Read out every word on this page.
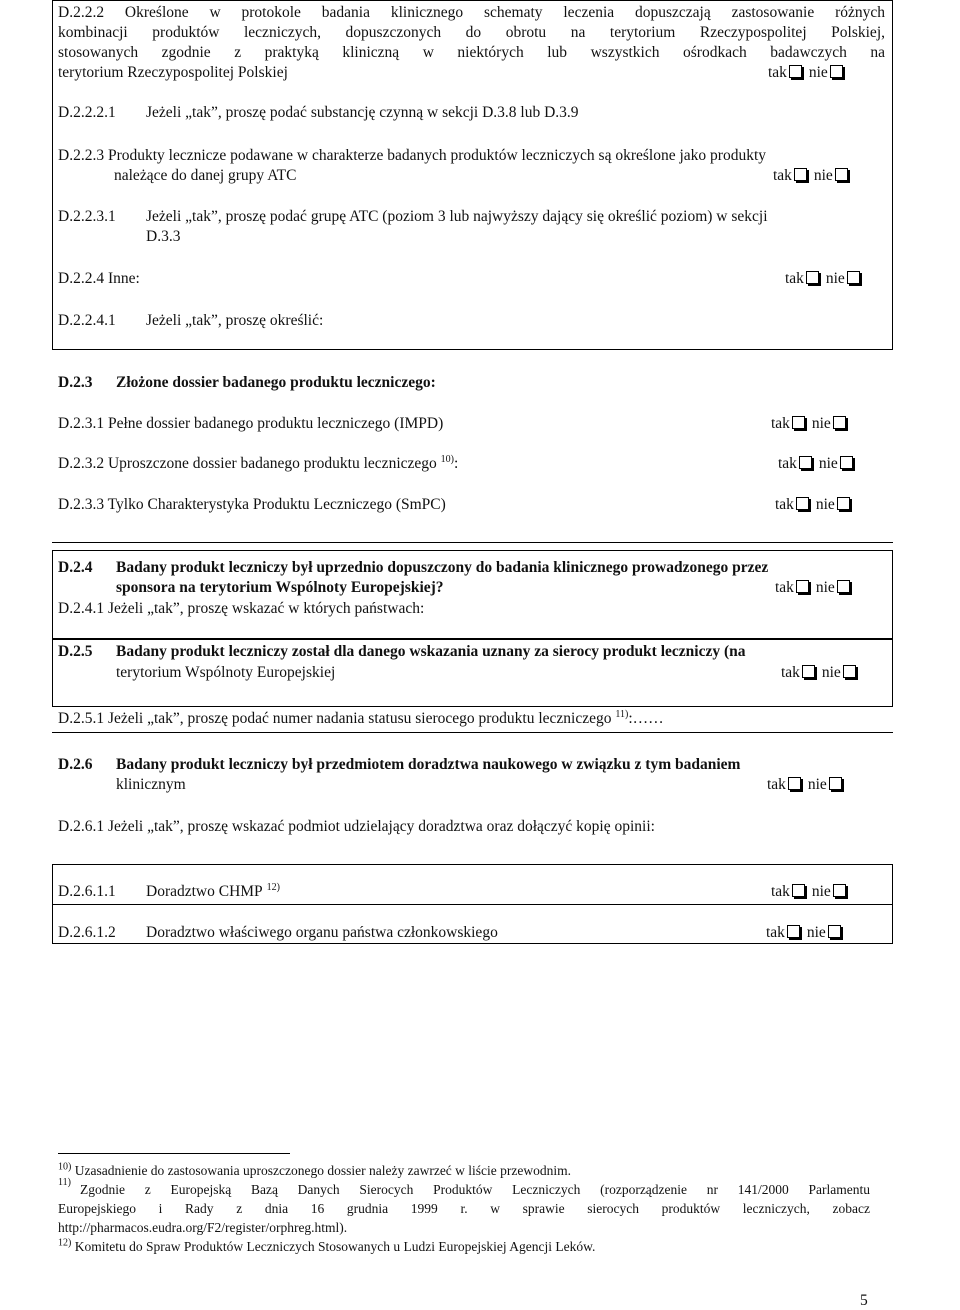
D.2.2.2 Określone w protokole badania klinicznego schematy leczenia dopuszczają zastosowanie różnych
kombinacji produktów leczniczych, dopuszczonych do obrotu na terytorium Rzeczypospolitej Polskiej,
stosowanych zgodnie z praktyką kliniczną w niektórych lub wszystkich ośrodkach badawczych na
terytorium Rzeczypospolitej Polskiej	tak nie
D.2.2.2.1 Jeżeli „tak”, proszę podać substancję czynną w sekcji D.3.8 lub D.3.9
D.2.2.3 Produkty lecznicze podawane w charakterze badanych produktów leczniczych są określone jako produkty
należące do danej grupy ATC	tak nie
D.2.2.3.1 Jeżeli „tak”, proszę podać grupę ATC (poziom 3 lub najwyższy dający się określić poziom) w sekcji
D.3.3
D.2.2.4 Inne:	tak nie
D.2.2.4.1 Jeżeli „tak”, proszę określić:
D.2.3 Złożone dossier badanego produktu leczniczego:
D.2.3.1 Pełne dossier badanego produktu leczniczego (IMPD)	tak nie
D.2.3.2 Uproszczone dossier badanego produktu leczniczego $^{10)}$:	tak nie
D.2.3.3 Tylko Charakterystyka Produktu Leczniczego (SmPC)	tak nie
D.2.4 Badany produkt leczniczy był uprzednio dopuszczony do badania klinicznego prowadzonego przez
sponsora na terytorium Wspólnoty Europejskiej?	tak nie
D.2.4.1 Jeżeli „tak”, proszę wskazać w których państwach:
D.2.5 Badany produkt leczniczy został dla danego wskazania uznany za sierocy produkt leczniczy (na
terytorium Wspólnoty Europejskiej	tak nie
D.2.5.1 Jeżeli „tak”, proszę podać numer nadania statusu sierocego produktu leczniczego $^{11)}$:……
D.2.6 Badany produkt leczniczy był przedmiotem doradztwa naukowego w związku z tym badaniem
klinicznym	tak nie
D.2.6.1 Jeżeli „tak”, proszę wskazać podmiot udzielający doradztwa oraz dołączyć kopię opinii:
D.2.6.1.1 Doradztwo CHMP $^{12)}$	tak nie
D.2.6.1.2 Doradztwo właściwego organu państwa członkowskiego	tak nie
$^{10)}$ Uzasadnienie do zastosowania uproszczonego dossier należy zawrzeć w liście przewodnim.
11) Zgodnie z Europejską Bazą Danych Sierocych Produktów Leczniczych (rozporządzenie nr 141/2000 Parlamentu
Europejskiego i Rady z dnia 16 grudnia 1999 r. w sprawie sierocych produktów leczniczych, zobacz
http://pharmacos.eudra.org/F2/register/orphreg.html).
$^{12)}$ Komitetu do Spraw Produktów Leczniczych Stosowanych u Ludzi Europejskiej Agencji Leków.
5
